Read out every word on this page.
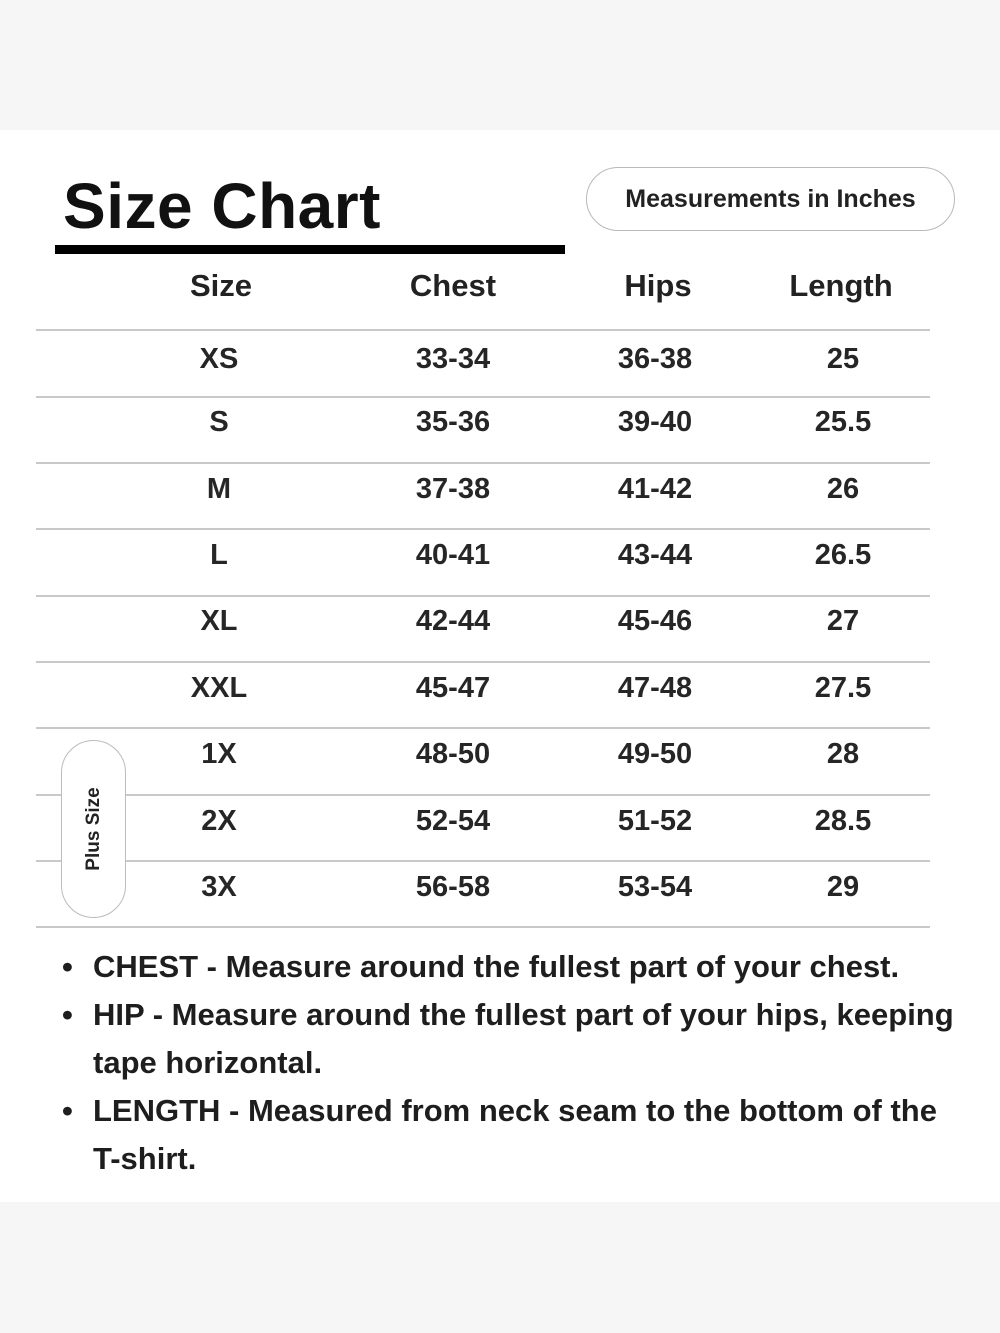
Size Chart	Measurements in Inches
Size	Chest	Hips	Length
XS	33-34	36-38	25
S	35-36	39-40	25.5
M	37-38	41-42	26
L	40-41	43-44	26.5
XL	42-44	45-46	27
XXL	45-47	47-48	27.5
1X	48-50	49-50	28
2X	52-54	51-52	28.5
3X	56-58	53-54	29
Plus Size
• CHEST - Measure around the fullest part of your chest.
• HIP - Measure around the fullest part of your hips, keeping tape horizontal.
• LENGTH - Measured from neck seam to the bottom of the T-shirt.
